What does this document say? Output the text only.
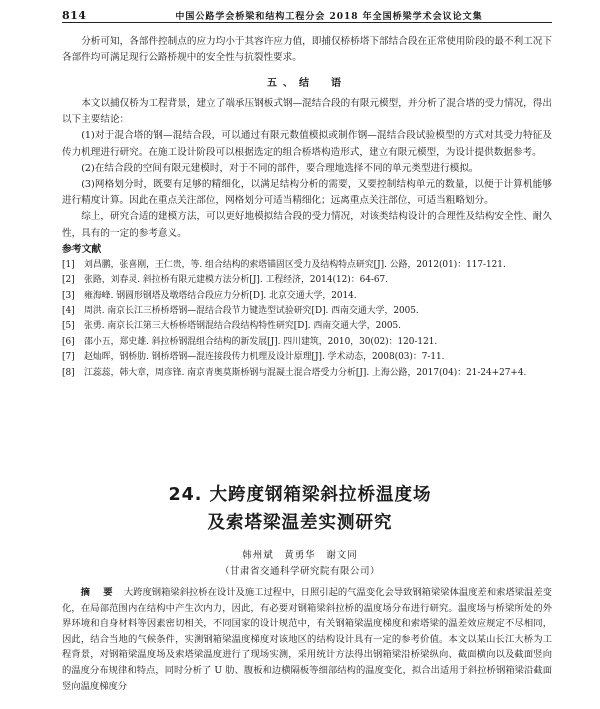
814	中国公路学会桥梁和结构工程分会 2018 年全国桥梁学术会议论文集

分析可知，各部件控制点的应力均小于其容许应力值，即捕仅桥桥塔下部结合段在正常使用阶段的最不利工况下各部件均可满足现行公路桥规中的安全性与抗裂性要求。

五、结　语

本文以捕仅桥为工程背景，建立了端承压钢板式钢—混结合段的有限元模型，并分析了混合塔的受力情况，得出以下主要结论：

(1)对于混合塔的钢—混结合段，可以通过有限元数值模拟或制作钢—混结合段试验模型的方式对其受力特征及传力机理进行研究。在施工设计阶段可以根据选定的组合桥塔构造形式，建立有限元模型，为设计提供数据参考。

(2)在结合段的空间有限元建模时，对于不同的部件，要合理地选择不同的单元类型进行模拟。

(3)网格划分时，既要有足够的精细化，以满足结构分析的需要，又要控制结构单元的数量，以便于计算机能够进行精度计算。因此在重点关注部位，网格划分可适当精细化；远离重点关注部位，可适当粗略划分。

综上，研究合适的建模方法，可以更好地模拟结合段的受力情况，对该类结构设计的合理性及结构安全性、耐久性，具有的一定的参考意义。

参考文献
[1]	刘昌鹏，张喜刚，王仁贵，等. 组合结构的索塔锚固区受力及结构特点研究[J]. 公路，2012(01)：117-121.
[2]	张路，刘春灵. 斜拉桥有限元建模方法分析[J]. 工程经济，2014(12)：64-67.
[3]	雍海峰. 钢圆形钢塔及墩塔结合段应力分析[D]. 北京交通大学，2014.
[4]	周洪. 南京长江三桥桥塔钢—混结合段节力键选型试验研究[D]. 西南交通大学，2005.
[5]	张勇. 南京长江第三大桥桥塔钢混结合段结构特性研究[D]. 西南交通大学，2005.
[6]	邵小五，郑史雄. 斜拉桥钢混组合结构的新发展[J]. 四川建筑，2010，30(02)：120-121.
[7]	赵灿晖，钢桥肋. 钢桥塔钢—混连接段传力机理及设计原理[J]. 学术动态，2008(03)：7-11.
[8]	江蕊蕊，韩大章，周彦锋. 南京青奥莫斯桥钢与混凝土混合塔受力分析[J]. 上海公路，2017(04)：21-24+27+4.
24. 大跨度钢箱梁斜拉桥温度场
及索塔梁温差实测研究
韩州斌　黄勇华　谢文同
（甘肃省交通科学研究院有限公司）

摘　要　 大跨度钢箱梁斜拉桥在设计及施工过程中，日照引起的气温变化会导致钢箱梁梁体温度差和索塔梁温差变化，在局部范围内在结构中产生次内力，因此，有必要对钢箱梁斜拉桥的温度场分布进行研究。温度场与桥梁所处的外界环境和自身材料等因素密切相关，不同国家的设计规范中，有关钢箱梁温度梯度和索塔梁的温差效应规定不尽相同，因此，结合当地的气候条件，实测钢箱梁温度梯度对该地区的结构设计具有一定的参考价值。本文以某山长江大桥为工程背景，对钢箱梁温度场及索塔梁温度进行了现场实测，采用统计方法得出钢箱梁沿桥梁纵向、截面横向以及截面竖向的温度分布规律和特点，同时分析了 U 肋、腹板和边横隔板等细部结构的温度变化，拟合出适用于斜拉桥钢箱梁沿截面竖向温度梯度分
